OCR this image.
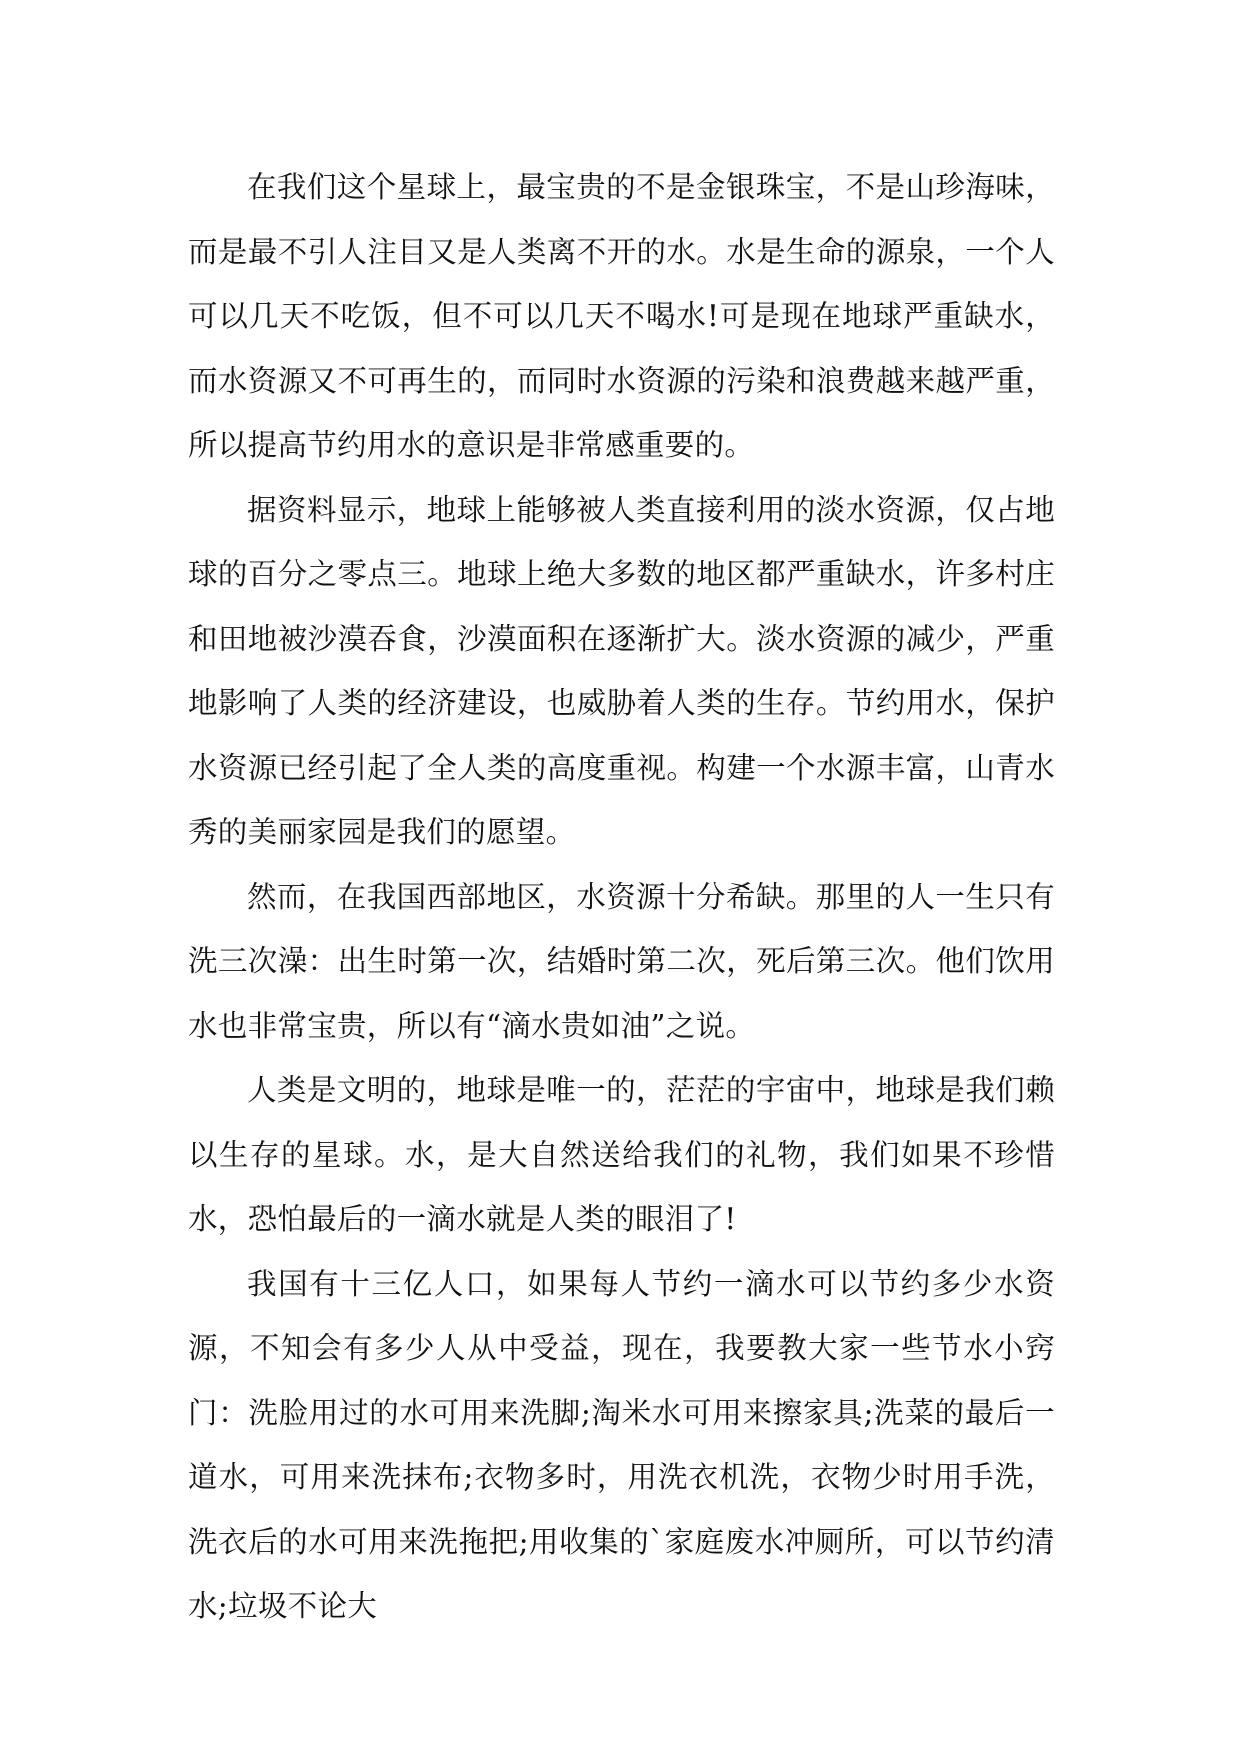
在我们这个星球上，最宝贵的不是金银珠宝，不是山珍海味，而是最不引人注目又是人类离不开的水。水是生命的源泉，一个人可以几天不吃饭，但不可以几天不喝水!可是现在地球严重缺水，而水资源又不可再生的，而同时水资源的污染和浪费越来越严重，所以提高节约用水的意识是非常感重要的。

据资料显示，地球上能够被人类直接利用的淡水资源，仅占地球的百分之零点三。地球上绝大多数的地区都严重缺水，许多村庄和田地被沙漠吞食，沙漠面积在逐渐扩大。淡水资源的减少，严重地影响了人类的经济建设，也威胁着人类的生存。节约用水，保护水资源已经引起了全人类的高度重视。构建一个水源丰富，山青水秀的美丽家园是我们的愿望。

然而，在我国西部地区，水资源十分希缺。那里的人一生只有洗三次澡：出生时第一次，结婚时第二次，死后第三次。他们饮用水也非常宝贵，所以有“滴水贵如油”之说。

人类是文明的，地球是唯一的，茫茫的宇宙中，地球是我们赖以生存的星球。水，是大自然送给我们的礼物，我们如果不珍惜水，恐怕最后的一滴水就是人类的眼泪了!

我国有十三亿人口，如果每人节约一滴水可以节约多少水资源，不知会有多少人从中受益，现在，我要教大家一些节水小窍门：洗脸用过的水可用来洗脚;淘米水可用来擦家具;洗菜的最后一道水，可用来洗抹布;衣物多时，用洗衣机洗，衣物少时用手洗，洗衣后的水可用来洗拖把;用收集的`家庭废水冲厕所，可以节约清水;垃圾不论大
